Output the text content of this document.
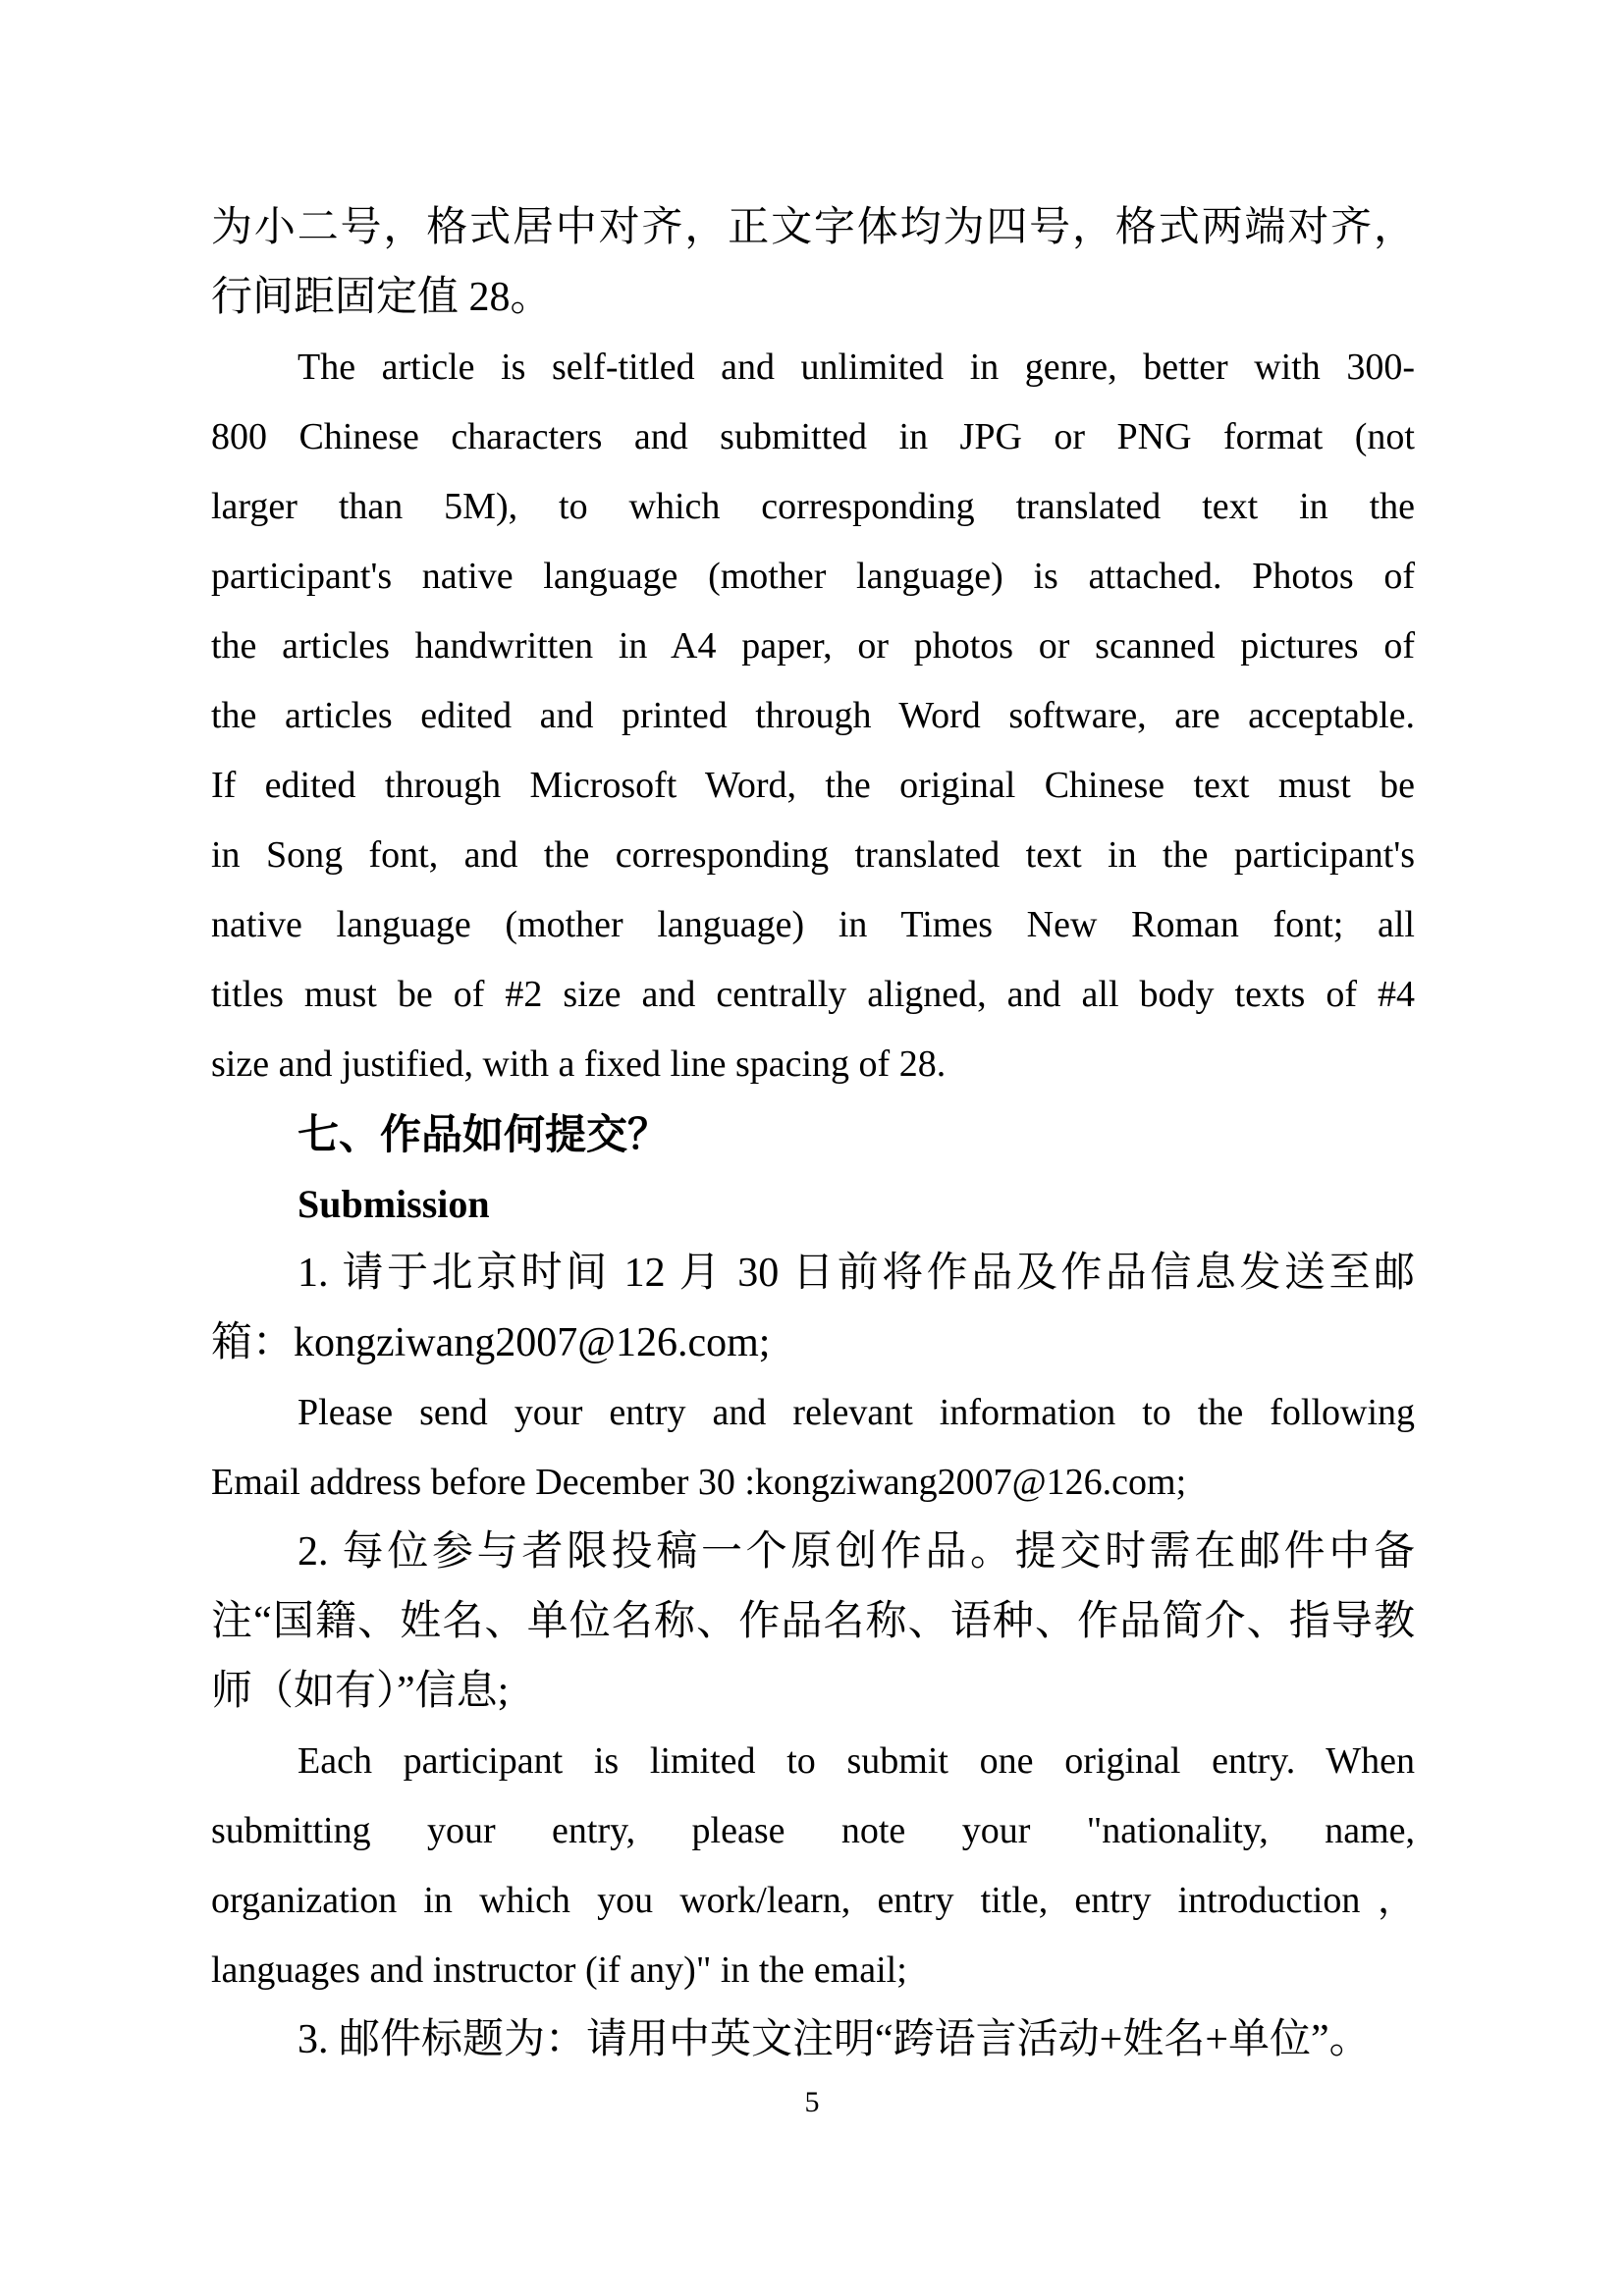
为小二号，格式居中对齐，正文字体均为四号，格式两端对齐，
行间距固定值 28。
The article is self-titled and unlimited in genre, better with 300-
800 Chinese characters and submitted in JPG or PNG format (not
larger than 5M), to which corresponding translated text in the
participant's native language (mother language) is attached. Photos of
the articles handwritten in A4 paper, or photos or scanned pictures of
the articles edited and printed through Word software, are acceptable.
If edited through Microsoft Word, the original Chinese text must be
in Song font, and the corresponding translated text in the participant's
native language (mother language) in Times New Roman font; all
titles must be of #2 size and centrally aligned, and all body texts of #4
size and justified, with a fixed line spacing of 28.
七、作品如何提交？
Submission
1. 请于北京时间 12 月 30 日前将作品及作品信息发送至邮
箱：kongziwang2007@126.com;
Please send your entry and relevant information to the following
Email address before December 30 :kongziwang2007@126.com;
2. 每位参与者限投稿一个原创作品。提交时需在邮件中备
注“国籍、姓名、单位名称、作品名称、语种、作品简介、指导教
师（如有）”信息;
Each participant is limited to submit one original entry. When
submitting your entry, please note your "nationality, name,
organization in which you work/learn, entry title, entry introduction，
languages and instructor (if any)" in the email;
3. 邮件标题为：请用中英文注明“跨语言活动+姓名+单位”。
5
